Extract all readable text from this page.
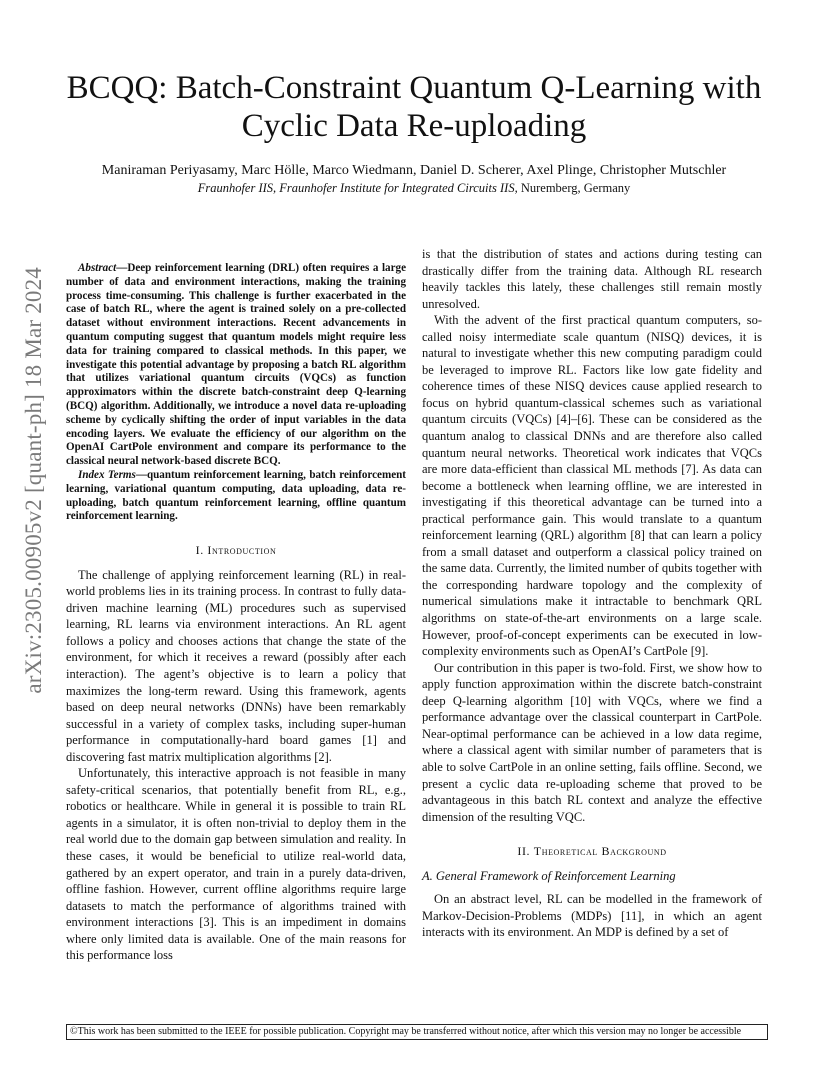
arXiv:2305.00905v2 [quant-ph] 18 Mar 2024
BCQQ: Batch-Constraint Quantum Q-Learning with Cyclic Data Re-uploading
Maniraman Periyasamy, Marc Hölle, Marco Wiedmann, Daniel D. Scherer, Axel Plinge, Christopher Mutschler
Fraunhofer IIS, Fraunhofer Institute for Integrated Circuits IIS, Nuremberg, Germany

Abstract—Deep reinforcement learning (DRL) often requires a large number of data and environment interactions, making the training process time-consuming. This challenge is further exacerbated in the case of batch RL, where the agent is trained solely on a pre-collected dataset without environment interactions. Recent advancements in quantum computing suggest that quantum models might require less data for training compared to classical methods. In this paper, we investigate this potential advantage by proposing a batch RL algorithm that utilizes variational quantum circuits (VQCs) as function approximators within the discrete batch-constraint deep Q-learning (BCQ) algorithm. Additionally, we introduce a novel data re-uploading scheme by cyclically shifting the order of input variables in the data encoding layers. We evaluate the efficiency of our algorithm on the OpenAI CartPole environment and compare its performance to the classical neural network-based discrete BCQ.

Index Terms—quantum reinforcement learning, batch reinforcement learning, variational quantum computing, data uploading, data re-uploading, batch quantum reinforcement learning, offline quantum reinforcement learning.

I. Introduction

The challenge of applying reinforcement learning (RL) in real-world problems lies in its training process. In contrast to fully data-driven machine learning (ML) procedures such as supervised learning, RL learns via environment interactions. An RL agent follows a policy and chooses actions that change the state of the environment, for which it receives a reward (possibly after each interaction). The agent’s objective is to learn a policy that maximizes the long-term reward. Using this framework, agents based on deep neural networks (DNNs) have been remarkably successful in a variety of complex tasks, including super-human performance in computationally-hard board games [1] and discovering fast matrix multiplication algorithms [2].

Unfortunately, this interactive approach is not feasible in many safety-critical scenarios, that potentially benefit from RL, e.g., robotics or healthcare. While in general it is possible to train RL agents in a simulator, it is often non-trivial to deploy them in the real world due to the domain gap between simulation and reality. In these cases, it would be beneficial to utilize real-world data, gathered by an expert operator, and train in a purely data-driven, offline fashion. However, current offline algorithms require large datasets to match the performance of algorithms trained with environment interactions [3]. This is an impediment in domains where only limited data is available. One of the main reasons for this performance loss

is that the distribution of states and actions during testing can drastically differ from the training data. Although RL research heavily tackles this lately, these challenges still remain mostly unresolved.

With the advent of the first practical quantum computers, so-called noisy intermediate scale quantum (NISQ) devices, it is natural to investigate whether this new computing paradigm could be leveraged to improve RL. Factors like low gate fidelity and coherence times of these NISQ devices cause applied research to focus on hybrid quantum-classical schemes such as variational quantum circuits (VQCs) [4]–[6]. These can be considered as the quantum analog to classical DNNs and are therefore also called quantum neural networks. Theoretical work indicates that VQCs are more data-efficient than classical ML methods [7]. As data can become a bottleneck when learning offline, we are interested in investigating if this theoretical advantage can be turned into a practical performance gain. This would translate to a quantum reinforcement learning (QRL) algorithm [8] that can learn a policy from a small dataset and outperform a classical policy trained on the same data. Currently, the limited number of qubits together with the corresponding hardware topology and the complexity of numerical simulations make it intractable to benchmark QRL algorithms on state-of-the-art environments on a large scale. However, proof-of-concept experiments can be executed in low-complexity environments such as OpenAI’s CartPole [9].

Our contribution in this paper is two-fold. First, we show how to apply function approximation within the discrete batch-constraint deep Q-learning algorithm [10] with VQCs, where we find a performance advantage over the classical counterpart in CartPole. Near-optimal performance can be achieved in a low data regime, where a classical agent with similar number of parameters that is able to solve CartPole in an online setting, fails offline. Second, we present a cyclic data re-uploading scheme that proved to be advantageous in this batch RL context and analyze the effective dimension of the resulting VQC.

II. Theoretical Background
A. General Framework of Reinforcement Learning

On an abstract level, RL can be modelled in the framework of Markov-Decision-Problems (MDPs) [11], in which an agent interacts with its environment. An MDP is defined by a set of

©This work has been submitted to the IEEE for possible publication. Copyright may be transferred without notice, after which this version may no longer be accessible
